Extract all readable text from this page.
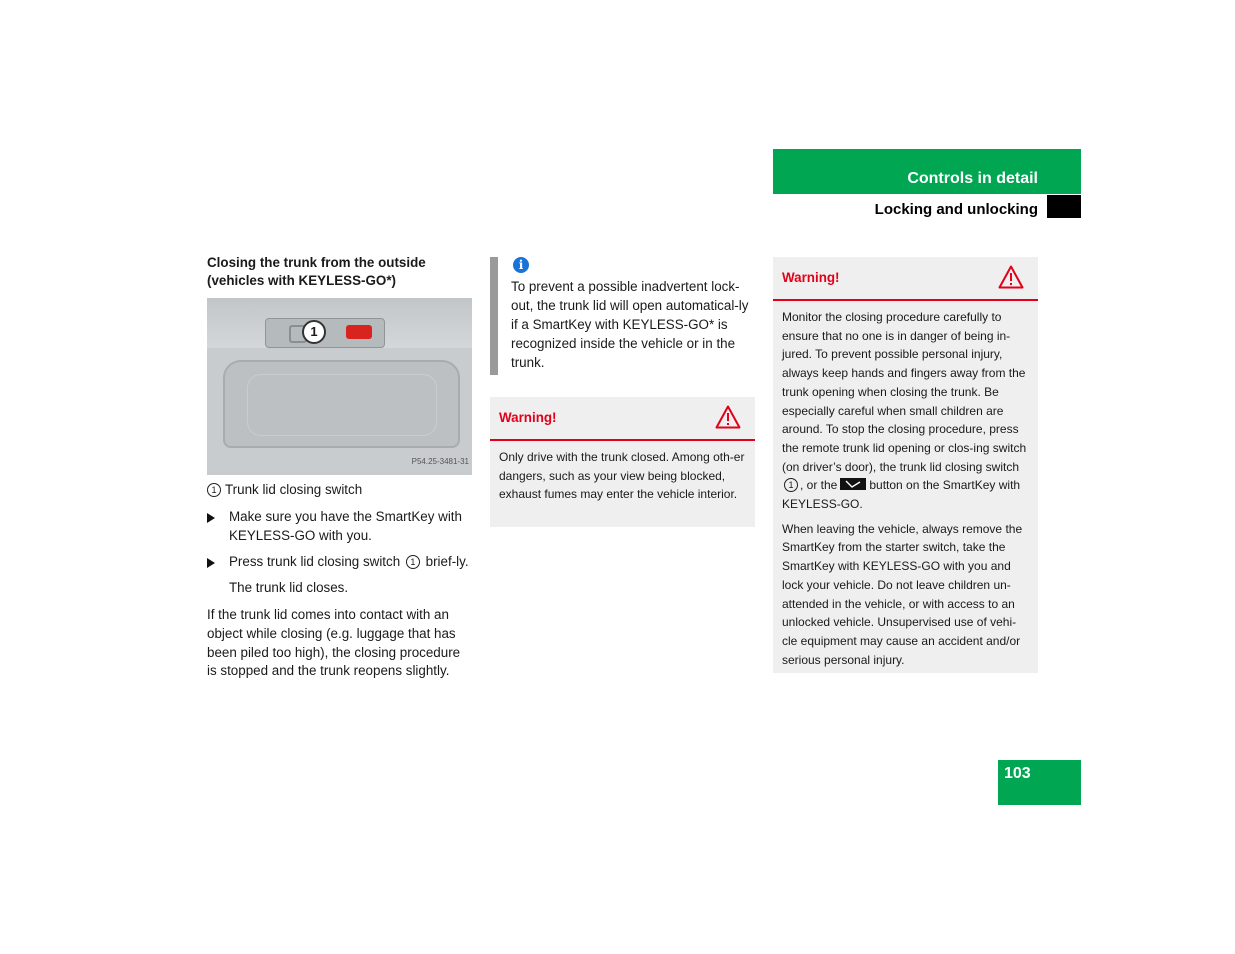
Controls in detail
Locking and unlocking
Closing the trunk from the outside
(vehicles with KEYLESS-GO*)
1
P54.25-3481-31
1 Trunk lid closing switch
Make sure you have the SmartKey with KEYLESS-GO with you.
Press trunk lid closing switch 1 brief-ly.
The trunk lid closes.
If the trunk lid comes into contact with an object while closing (e.g. luggage that has been piled too high), the closing procedure is stopped and the trunk reopens slightly.
i
To prevent a possible inadvertent lock-out, the trunk lid will open automatical-ly if a SmartKey with KEYLESS-GO* is recognized inside the vehicle or in the trunk.
Warning!
Only drive with the trunk closed. Among oth-er dangers, such as your view being blocked, exhaust fumes may enter the vehicle interior.
Warning!

Monitor the closing procedure carefully to ensure that no one is in danger of being in-jured. To prevent possible personal injury, always keep hands and fingers away from the trunk opening when closing the trunk. Be especially careful when small children are around. To stop the closing procedure, press the remote trunk lid opening or clos-ing switch (on driver’s door), the trunk lid closing switch 1 , or the	button on the SmartKey with KEYLESS-GO.

When leaving the vehicle, always remove the SmartKey from the starter switch, take the SmartKey with KEYLESS-GO with you and lock your vehicle. Do not leave children un-attended in the vehicle, or with access to an unlocked vehicle. Unsupervised use of vehi-cle equipment may cause an accident and/or serious personal injury.

103
